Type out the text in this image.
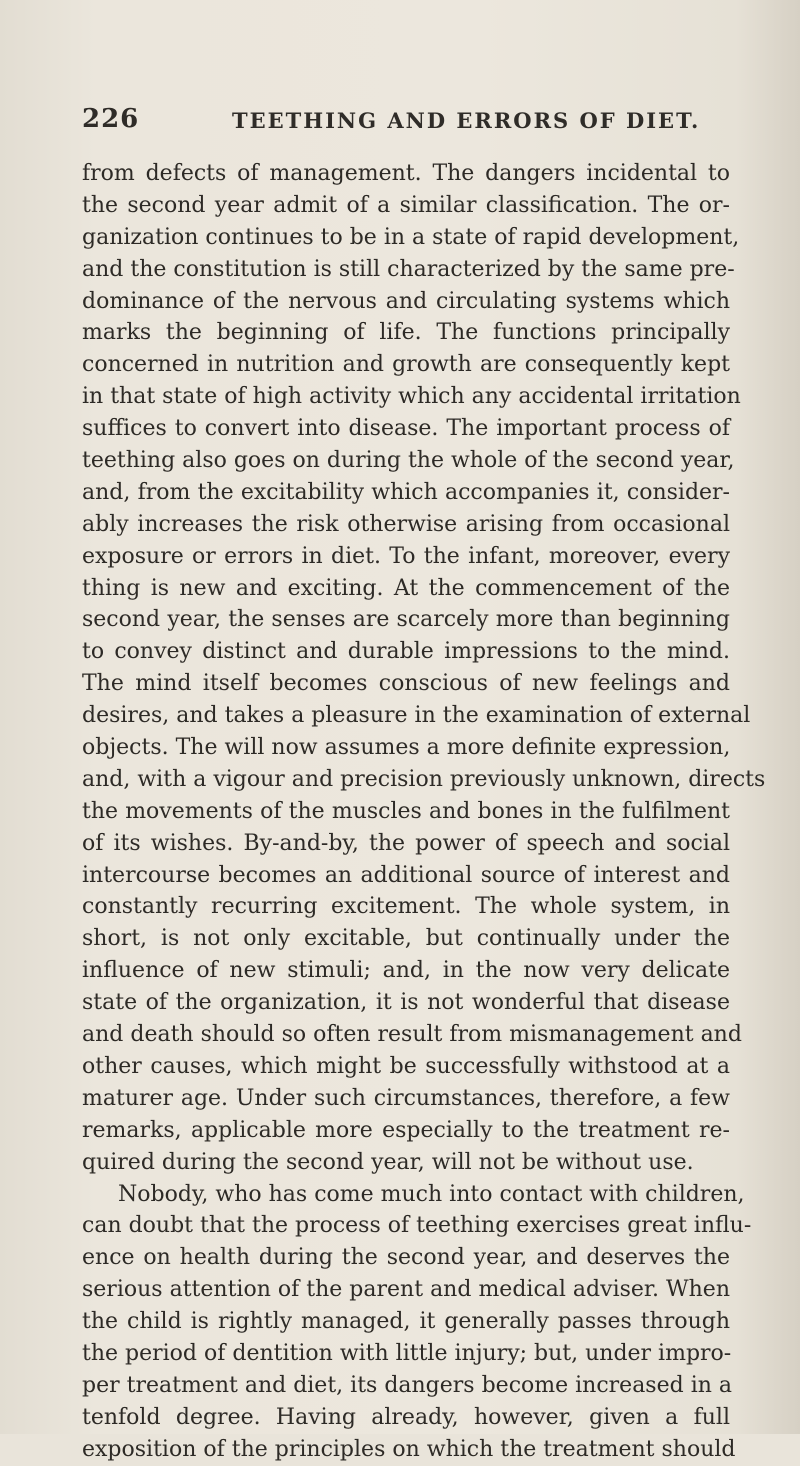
226	TEETHING AND ERRORS OF DIET.
from defects of management. The dangers incidental to
the second year admit of a similar classification. The or-
ganization continues to be in a state of rapid development,
and the constitution is still characterized by the same pre-
dominance of the nervous and circulating systems which
marks the beginning of life. The functions principally
concerned in nutrition and growth are consequently kept
in that state of high activity which any accidental irritation
suffices to convert into disease. The important process of
teething also goes on during the whole of the second year,
and, from the excitability which accompanies it, consider-
ably increases the risk otherwise arising from occasional
exposure or errors in diet. To the infant, moreover, every
thing is new and exciting. At the commencement of the
second year, the senses are scarcely more than beginning
to convey distinct and durable impressions to the mind.
The mind itself becomes conscious of new feelings and
desires, and takes a pleasure in the examination of external
objects. The will now assumes a more definite expression,
and, with a vigour and precision previously unknown, directs
the movements of the muscles and bones in the fulfilment
of its wishes. By-and-by, the power of speech and social
intercourse becomes an additional source of interest and
constantly recurring excitement. The whole system, in
short, is not only excitable, but continually under the
influence of new stimuli; and, in the now very delicate
state of the organization, it is not wonderful that disease
and death should so often result from mismanagement and
other causes, which might be successfully withstood at a
maturer age. Under such circumstances, therefore, a few
remarks, applicable more especially to the treatment re-
quired during the second year, will not be without use.
Nobody, who has come much into contact with children,
can doubt that the process of teething exercises great influ-
ence on health during the second year, and deserves the
serious attention of the parent and medical adviser. When
the child is rightly managed, it generally passes through
the period of dentition with little injury; but, under impro-
per treatment and diet, its dangers become increased in a
tenfold degree. Having already, however, given a full
exposition of the principles on which the treatment should
